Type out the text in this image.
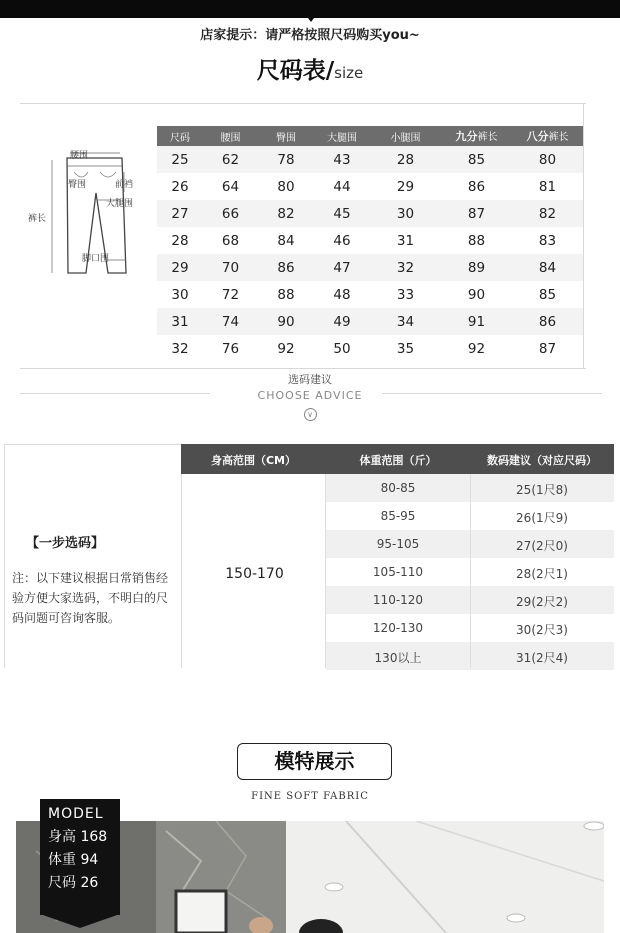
店家提示：请严格按照尺码购买you~
尺码表/size
腰围
臀围	前裆
裤长
大腿围
脚口围
尺码	腰围	臀围	大腿围	小腿围	九分裤长	八分裤长
25	62	78	43	28	85	80
26	64	80	44	29	86	81
27	66	82	45	30	87	82
28	68	84	46	31	88	83
29	70	86	47	32	89	84
30	72	88	48	33	90	85
31	74	90	49	34	91	86
32	76	92	50	35	92	87
选码建议
CHOOSE ADVICE
∨
【一步选码】
注：以下建议根据日常销售经验方便大家选码，不明白的尺码问题可咨询客服。
身高范围（CM）	体重范围（斤）	数码建议（对应尺码）
150-170
80-85	25(1尺8)
85-95	26(1尺9)
95-105	27(2尺0)
105-110	28(2尺1)
110-120	29(2尺2)
120-130	30(2尺3)
130以上	31(2尺4)
模特展示
FINE SOFT FABRIC
MODEL
身高 168
体重 94
尺码 26
